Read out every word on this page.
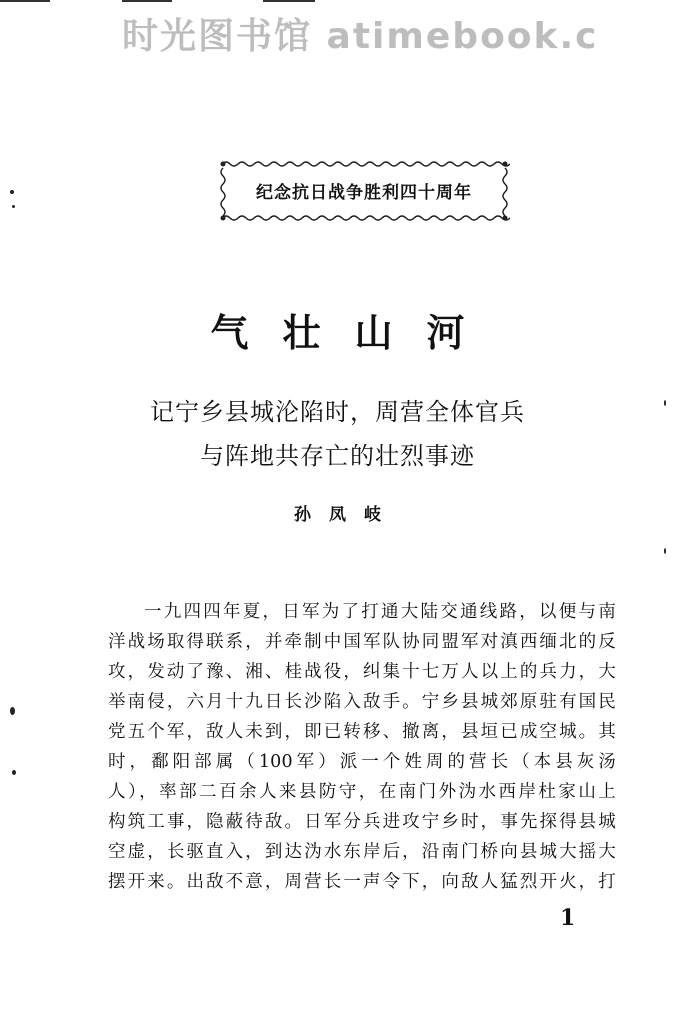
时光图书馆 atimebook.c
纪念抗日战争胜利四十周年
气壮山河
记宁乡县城沦陷时，周营全体官兵
与阵地共存亡的壮烈事迹
孙凤岐
一九四四年夏，日军为了打通大陆交通线路，以便与南
洋战场取得联系，并牵制中国军队协同盟军对滇西缅北的反
攻，发动了豫、湘、桂战役，纠集十七万人以上的兵力，大
举南侵，六月十九日长沙陷入敌手。宁乡县城郊原驻有国民
党五个军，敌人未到，即已转移、撤离，县垣已成空城。其
时，鄱阳部属（100军）派一个姓周的营长（本县灰汤
人），率部二百余人来县防守，在南门外沩水西岸杜家山上
构筑工事，隐蔽待敌。日军分兵进攻宁乡时，事先探得县城
空虚，长驱直入，到达沩水东岸后，沿南门桥向县城大摇大
摆开来。出敌不意，周营长一声令下，向敌人猛烈开火，打
1
